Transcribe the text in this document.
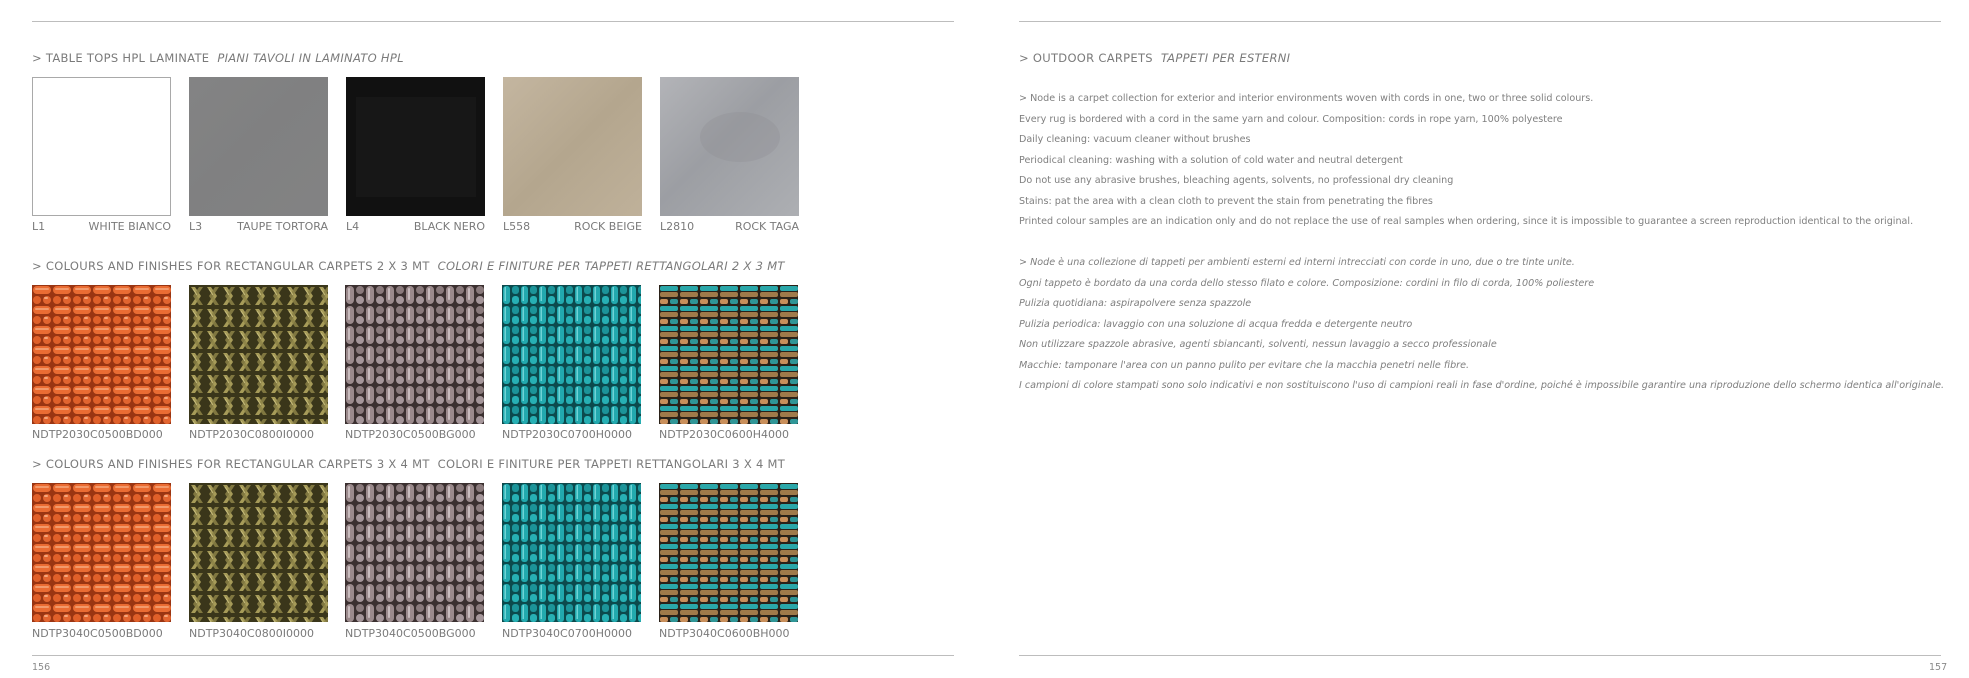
> TABLE TOPS HPL LAMINATE PIANI TAVOLI IN LAMINATO HPL
L1	WHITE BIANCO L3	TAUPE TORTORA L4	BLACK NERO L558	ROCK BEIGE L2810	ROCK TAGA
> COLOURS AND FINISHES FOR RECTANGULAR CARPETS 2 X 3 MT COLORI E FINITURE PER TAPPETI RETTANGOLARI 2 X 3 MT
NDTP2030C0500BD000 NDTP2030C0800I0000	NDTP2030C0500BG000 NDTP2030C0700H0000 NDTP2030C0600H4000
> COLOURS AND FINISHES FOR RECTANGULAR CARPETS 3 X 4 MT COLORI E FINITURE PER TAPPETI RETTANGOLARI 3 X 4 MT
NDTP3040C0500BD000 NDTP3040C0800I0000	NDTP3040C0500BG000 NDTP3040C0700H0000 NDTP3040C0600BH000
156
> OUTDOOR CARPETS TAPPETI PER ESTERNI
> Node is a carpet collection for exterior and interior environments woven with cords in one, two or three solid colours.
Every rug is bordered with a cord in the same yarn and colour. Composition: cords in rope yarn, 100% polyestere
Daily cleaning: vacuum cleaner without brushes
Periodical cleaning: washing with a solution of cold water and neutral detergent
Do not use any abrasive brushes, bleaching agents, solvents, no professional dry cleaning
Stains: pat the area with a clean cloth to prevent the stain from penetrating the fibres
Printed colour samples are an indication only and do not replace the use of real samples when ordering, since it is impossible to guarantee a screen reproduction identical to the original.
> Node è una collezione di tappeti per ambienti esterni ed interni intrecciati con corde in uno, due o tre tinte unite.
Ogni tappeto è bordato da una corda dello stesso filato e colore. Composizione: cordini in filo di corda, 100% poliestere
Pulizia quotidiana: aspirapolvere senza spazzole
Pulizia periodica: lavaggio con una soluzione di acqua fredda e detergente neutro
Non utilizzare spazzole abrasive, agenti sbiancanti, solventi, nessun lavaggio a secco professionale
Macchie: tamponare l'area con un panno pulito per evitare che la macchia penetri nelle fibre.
I campioni di colore stampati sono solo indicativi e non sostituiscono l'uso di campioni reali in fase d'ordine, poiché è impossibile garantire una riproduzione dello schermo identica all'originale.
157
